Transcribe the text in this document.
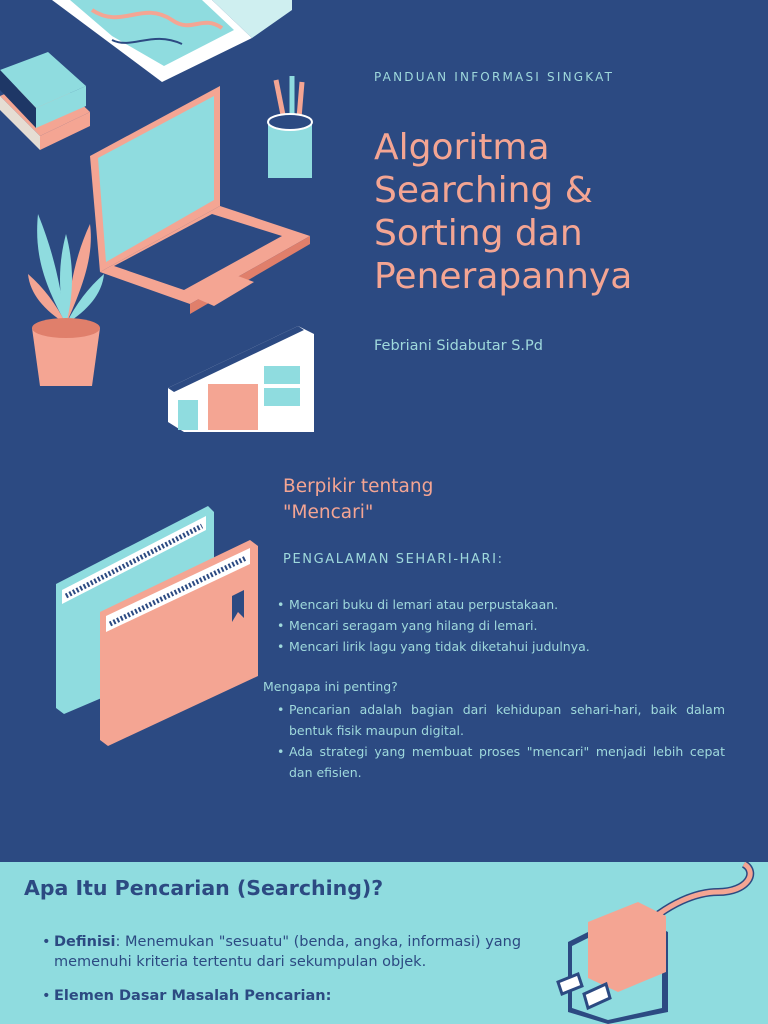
PANDUAN INFORMASI SINGKAT
Algoritma Searching & Sorting dan Penerapannya
Febriani Sidabutar S.Pd
Berpikir tentang
"Mencari"
PENGALAMAN SEHARI-HARI:
• Mencari buku di lemari atau perpustakaan.
• Mencari seragam yang hilang di lemari.
• Mencari lirik lagu yang tidak diketahui judulnya.
Mengapa ini penting?
• Pencarian adalah bagian dari kehidupan sehari-hari, baik dalam bentuk fisik maupun digital.
• Ada strategi yang membuat proses "mencari" menjadi lebih cepat dan efisien.
Apa Itu Pencarian (Searching)?
• Definisi: Menemukan "sesuatu" (benda, angka, informasi) yang memenuhi kriteria tertentu dari sekumpulan objek.
• Elemen Dasar Masalah Pencarian:
